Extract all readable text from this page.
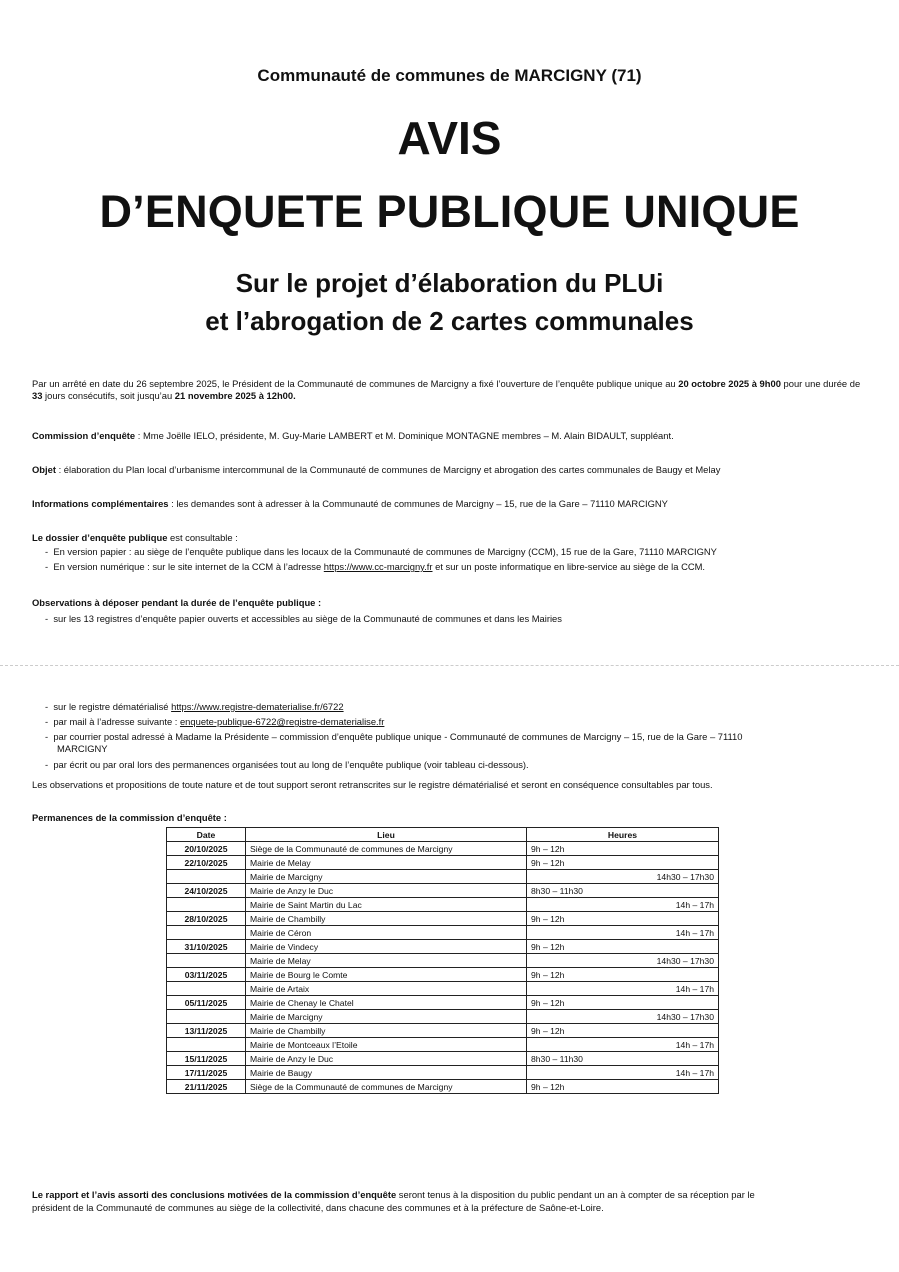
Communauté de communes de MARCIGNY (71)
AVIS
D’ENQUETE PUBLIQUE UNIQUE
Sur le projet d’élaboration du PLUi
et l’abrogation de 2 cartes communales
Par un arrêté en date du 26 septembre 2025, le Président de la Communauté de communes de Marcigny a fixé l’ouverture de l’enquête publique unique au 20 octobre 2025 à 9h00 pour une durée de 33 jours consécutifs, soit jusqu’au 21 novembre 2025 à 12h00.
Commission d’enquête : Mme Joëlle IELO, présidente, M. Guy-Marie LAMBERT et M. Dominique MONTAGNE membres – M. Alain BIDAULT, suppléant.
Objet : élaboration du Plan local d’urbanisme intercommunal de la Communauté de communes de Marcigny et abrogation des cartes communales de Baugy et Melay
Informations complémentaires : les demandes sont à adresser à la Communauté de communes de Marcigny – 15, rue de la Gare – 71110 MARCIGNY
Le dossier d’enquête publique est consultable :
-  En version papier : au siège de l’enquête publique dans les locaux de la Communauté de communes de Marcigny (CCM), 15 rue de la Gare, 71110 MARCIGNY
-  En version numérique : sur le site internet de la CCM à l’adresse https://www.cc-marcigny.fr et sur un poste informatique en libre-service au siège de la CCM.
Observations à déposer pendant la durée de l’enquête publique :
-  sur les 13 registres d’enquête papier ouverts et accessibles au siège de la Communauté de communes et dans les Mairies
-  sur le registre dématérialisé https://www.registre-dematerialise.fr/6722
-  par mail à l’adresse suivante : enquete-publique-6722@registre-dematerialise.fr
-  par courrier postal adressé à Madame la Présidente – commission d’enquête publique unique - Communauté de communes de Marcigny – 15, rue de la Gare – 71110
MARCIGNY
-  par écrit ou par oral lors des permanences organisées tout au long de l’enquête publique (voir tableau ci-dessous).
Les observations et propositions de toute nature et de tout support seront retranscrites sur le registre dématérialisé et seront en conséquence consultables par tous.
Permanences de la commission d’enquête :
Date	Lieu	Heures
20/10/2025	Siège de la Communauté de communes de Marcigny	9h – 12h
22/10/2025	Mairie de Melay	9h – 12h
	Mairie de Marcigny	14h30 – 17h30
24/10/2025	Mairie de Anzy le Duc	8h30 – 11h30
	Mairie de Saint Martin du Lac	14h – 17h
28/10/2025	Mairie de Chambilly	9h – 12h
	Mairie de Céron	14h – 17h
31/10/2025	Mairie de Vindecy	9h – 12h
	Mairie de Melay	14h30 – 17h30
03/11/2025	Mairie de Bourg le Comte	9h – 12h
	Mairie de Artaix	14h – 17h
05/11/2025	Mairie de Chenay le Chatel	9h – 12h
	Mairie de Marcigny	14h30 – 17h30
13/11/2025	Mairie de Chambilly	9h – 12h
	Mairie de Montceaux l’Etoile	14h – 17h
15/11/2025	Mairie de Anzy le Duc	8h30 – 11h30
17/11/2025	Mairie de Baugy	14h – 17h
21/11/2025	Siège de la Communauté de communes de Marcigny	9h – 12h
Le rapport et l’avis assorti des conclusions motivées de la commission d’enquête seront tenus à la disposition du public pendant un an à compter de sa réception par le
président de la Communauté de communes au siège de la collectivité, dans chacune des communes et à la préfecture de Saône-et-Loire.
